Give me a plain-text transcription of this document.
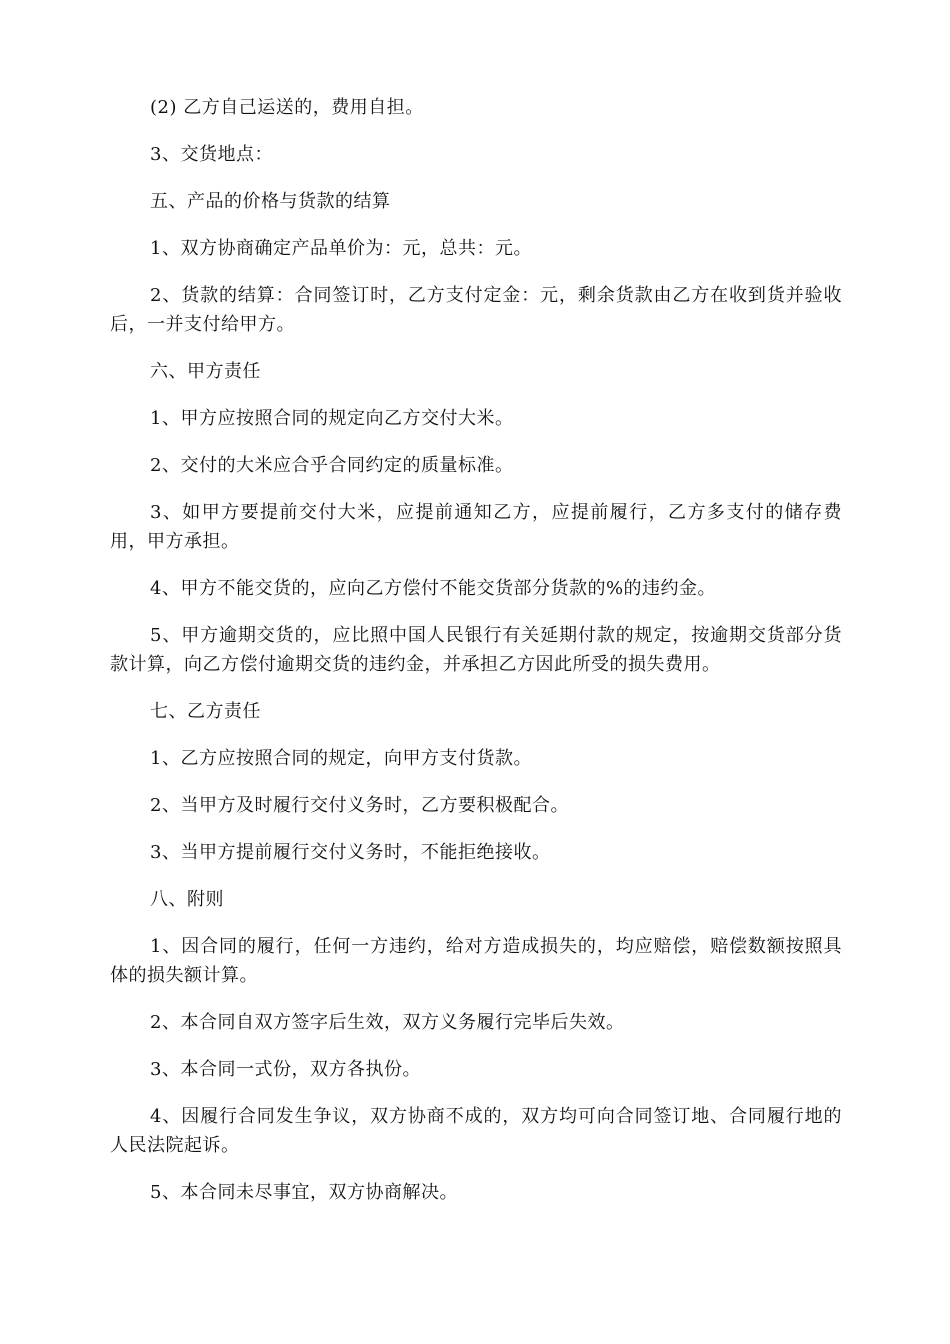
(2) 乙方自己运送的，费用自担。

3、交货地点：

五、产品的价格与货款的结算

1、双方协商确定产品单价为：元，总共：元。

2、货款的结算：合同签订时，乙方支付定金：元，剩余货款由乙方在收到货并验收后，一并支付给甲方。

六、甲方责任

1、甲方应按照合同的规定向乙方交付大米。

2、交付的大米应合乎合同约定的质量标准。

3、如甲方要提前交付大米，应提前通知乙方，应提前履行，乙方多支付的储存费用，甲方承担。

4、甲方不能交货的，应向乙方偿付不能交货部分货款的%的违约金。

5、甲方逾期交货的，应比照中国人民银行有关延期付款的规定，按逾期交货部分货款计算，向乙方偿付逾期交货的违约金，并承担乙方因此所受的损失费用。

七、乙方责任

1、乙方应按照合同的规定，向甲方支付货款。

2、当甲方及时履行交付义务时，乙方要积极配合。

3、当甲方提前履行交付义务时，不能拒绝接收。

八、附则

1、因合同的履行，任何一方违约，给对方造成损失的，均应赔偿，赔偿数额按照具体的损失额计算。

2、本合同自双方签字后生效，双方义务履行完毕后失效。

3、本合同一式份，双方各执份。

4、因履行合同发生争议，双方协商不成的，双方均可向合同签订地、合同履行地的人民法院起诉。

5、本合同未尽事宜，双方协商解决。
